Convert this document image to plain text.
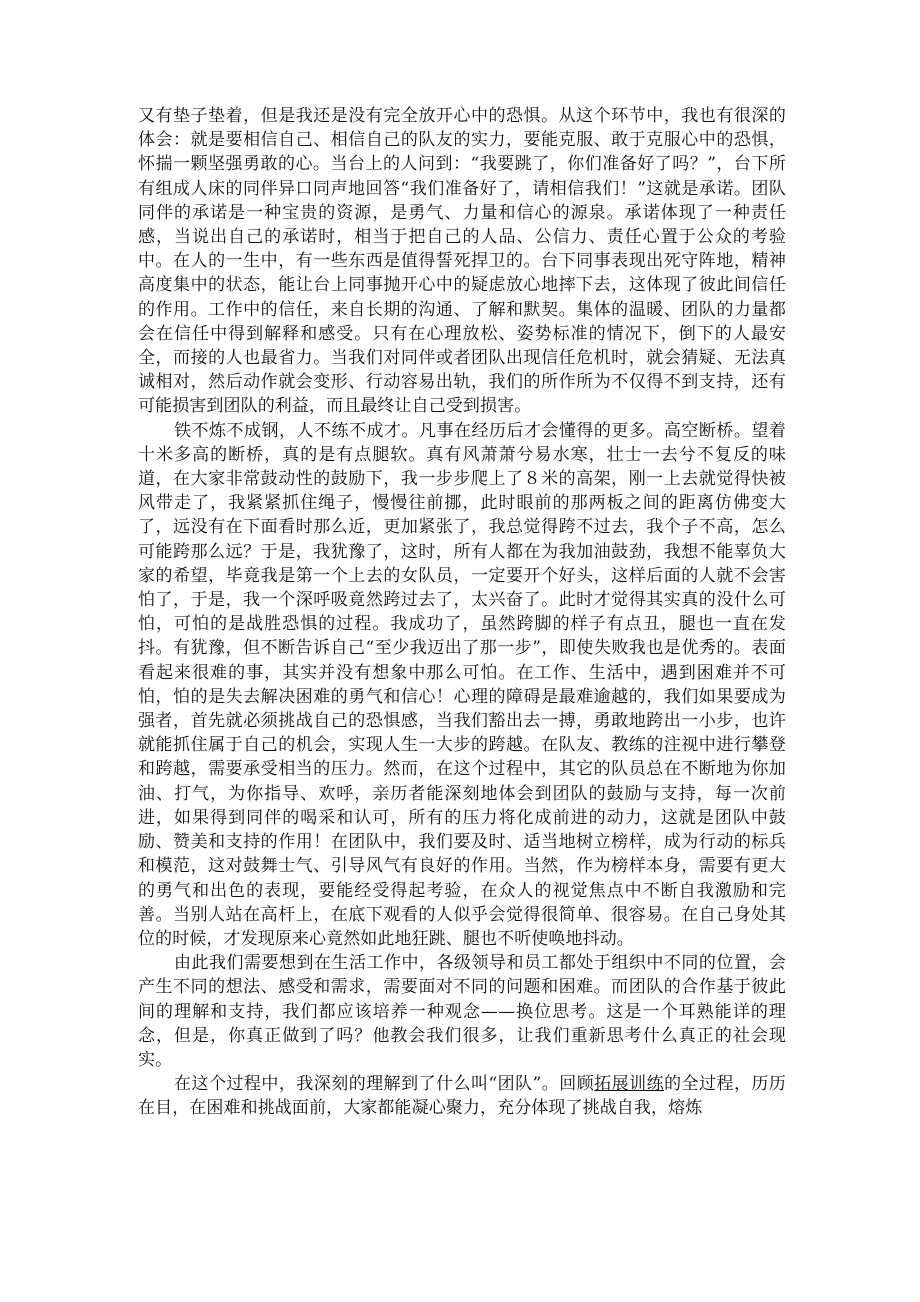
又有垫子垫着，但是我还是没有完全放开心中的恐惧。从这个环节中，我也有很深的体会：就是要相信自己、相信自己的队友的实力，要能克服、敢于克服心中的恐惧，怀揣一颗坚强勇敢的心。当台上的人问到：“我要跳了，你们准备好了吗？”，台下所有组成人床的同伴异口同声地回答“我们准备好了，请相信我们！”这就是承诺。团队同伴的承诺是一种宝贵的资源，是勇气、力量和信心的源泉。承诺体现了一种责任感，当说出自己的承诺时，相当于把自己的人品、公信力、责任心置于公众的考验中。在人的一生中，有一些东西是值得誓死捍卫的。台下同事表现出死守阵地，精神高度集中的状态，能让台上同事抛开心中的疑虑放心地摔下去，这体现了彼此间信任的作用。工作中的信任，来自长期的沟通、了解和默契。集体的温暖、团队的力量都会在信任中得到解释和感受。只有在心理放松、姿势标准的情况下，倒下的人最安全，而接的人也最省力。当我们对同伴或者团队出现信任危机时，就会猜疑、无法真诚相对，然后动作就会变形、行动容易出轨，我们的所作所为不仅得不到支持，还有可能损害到团队的利益，而且最终让自己受到损害。

铁不炼不成钢，人不练不成才。凡事在经历后才会懂得的更多。高空断桥。望着十米多高的断桥，真的是有点腿软。真有风萧萧兮易水寒，壮士一去兮不复反的味道，在大家非常鼓动性的鼓励下，我一步步爬上了８米的高架，刚一上去就觉得快被风带走了，我紧紧抓住绳子，慢慢往前挪，此时眼前的那两板之间的距离仿佛变大了，远没有在下面看时那么近，更加紧张了，我总觉得跨不过去，我个子不高，怎么可能跨那么远？于是，我犹豫了，这时，所有人都在为我加油鼓劲，我想不能辜负大家的希望，毕竟我是第一个上去的女队员，一定要开个好头，这样后面的人就不会害怕了，于是，我一个深呼吸竟然跨过去了，太兴奋了。此时才觉得其实真的没什么可怕，可怕的是战胜恐惧的过程。我成功了，虽然跨脚的样子有点丑，腿也一直在发抖。有犹豫，但不断告诉自己“至少我迈出了那一步”，即使失败我也是优秀的。表面看起来很难的事，其实并没有想象中那么可怕。在工作、生活中，遇到困难并不可怕，怕的是失去解决困难的勇气和信心！心理的障碍是最难逾越的，我们如果要成为强者，首先就必须挑战自己的恐惧感，当我们豁出去一搏，勇敢地跨出一小步，也许就能抓住属于自己的机会，实现人生一大步的跨越。在队友、教练的注视中进行攀登和跨越，需要承受相当的压力。然而，在这个过程中，其它的队员总在不断地为你加油、打气，为你指导、欢呼，亲历者能深刻地体会到团队的鼓励与支持，每一次前进，如果得到同伴的喝采和认可，所有的压力将化成前进的动力，这就是团队中鼓励、赞美和支持的作用！在团队中，我们要及时、适当地树立榜样，成为行动的标兵和模范，这对鼓舞士气、引导风气有良好的作用。当然，作为榜样本身，需要有更大的勇气和出色的表现，要能经受得起考验，在众人的视觉焦点中不断自我激励和完善。当别人站在高杆上，在底下观看的人似乎会觉得很简单、很容易。在自己身处其位的时候，才发现原来心竟然如此地狂跳、腿也不听使唤地抖动。

由此我们需要想到在生活工作中，各级领导和员工都处于组织中不同的位置，会产生不同的想法、感受和需求，需要面对不同的问题和困难。而团队的合作基于彼此间的理解和支持，我们都应该培养一种观念——换位思考。这是一个耳熟能详的理念，但是，你真正做到了吗？他教会我们很多，让我们重新思考什么真正的社会现实。

在这个过程中，我深刻的理解到了什么叫“团队”。回顾拓展训练的全过程，历历在目，在困难和挑战面前，大家都能凝心聚力，充分体现了挑战自我，熔炼
